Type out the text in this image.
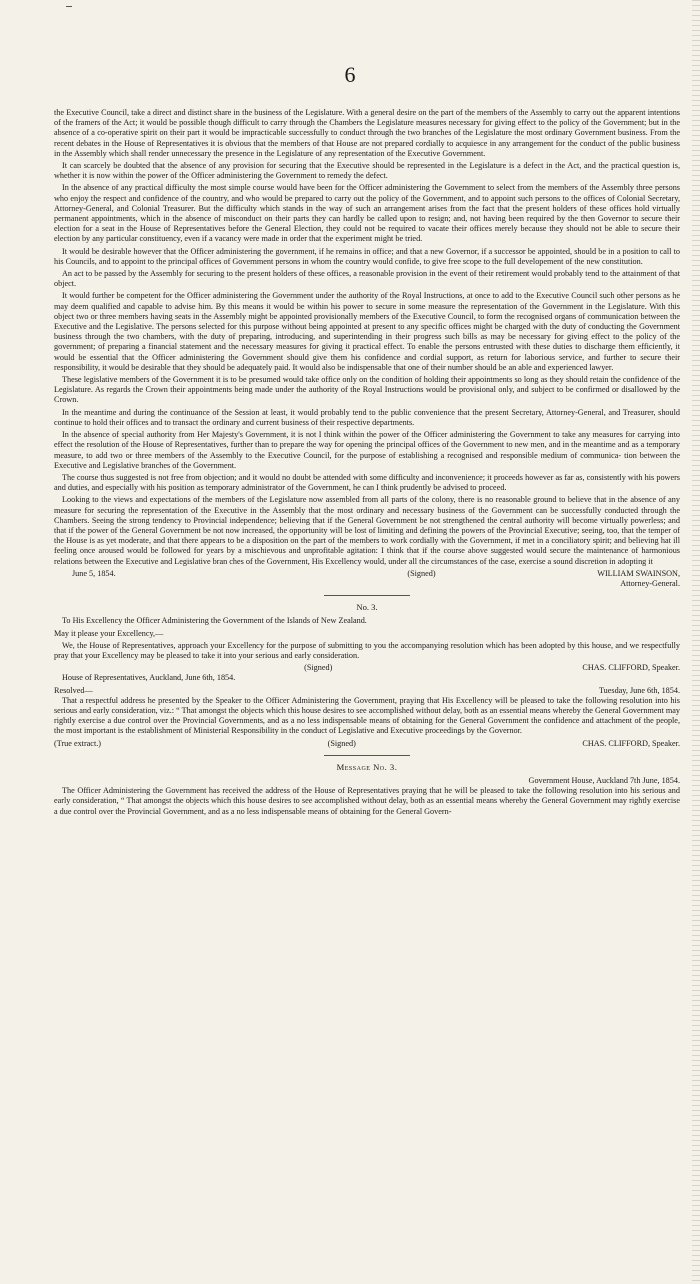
6

the Executive Council, take a direct and distinct share in the business of the Legislature. With a general desire on the part of the members of the Assembly to carry out the apparent intentions of the framers of the Act; it would be possible though difficult to carry through the Chambers the Legislature measures necessary for giving effect to the policy of the Government; but in the absence of a co-operative spirit on their part it would be impracticable successfully to conduct through the two branches of the Legislature the most ordinary Government business. From the recent debates in the House of Representatives it is obvious that the members of that House are not prepared cordially to acquiesce in any arrangement for the conduct of the public business in the Assembly which shall render unnecessary the presence in the Legislature of any representation of the Executive Government.

It can scarcely be doubted that the absence of any provision for securing that the Executive should be represented in the Legislature is a defect in the Act, and the practical question is, whether it is now within the power of the Officer administering the Government to remedy the defect.

In the absence of any practical difficulty the most simple course would have been for the Officer administering the Government to select from the members of the Assembly three persons who enjoy the respect and confidence of the country, and who would be prepared to carry out the policy of the Government, and to appoint such persons to the offices of Colonial Secretary, Attorney-General, and Colonial Treasurer. But the difficulty which stands in the way of such an arrangement arises from the fact that the present holders of these offices hold virtually permanent appointments, which in the absence of misconduct on their parts they can hardly be called upon to resign; and, not having been required by the then Governor to secure their election for a seat in the House of Representatives before the General Election, they could not be required to vacate their offices merely because they should not be able to secure their election by any particular constituency, even if a vacancy were made in order that the experiment might be tried.

It would be desirable however that the Officer administering the government, if he remains in office; and that a new Governor, if a successor be appointed, should be in a position to call to his Councils, and to appoint to the principal offices of Government persons in whom the country would confide, to give free scope to the full developement of the new constitution.

An act to be passed by the Assembly for securing to the present holders of these offices, a reasonable provision in the event of their retirement would probably tend to the attainment of that object.

It would further be competent for the Officer administering the Government under the authority of the Royal Instructions, at once to add to the Executive Council such other persons as he may deem qualified and capable to advise him. By this means it would be within his power to secure in some measure the representation of the Government in the Legislature. With this object two or three members having seats in the Assembly might be appointed provisionally members of the Executive Council, to form the recognised organs of communication between the Executive and the Legislative. The persons selected for this purpose without being appointed at present to any specific offices might be charged with the duty of conducting the Government business through the two chambers, with the duty of preparing, introducing, and superintending in their progress such bills as may be necessary for giving effect to the policy of the government; of preparing a financial statement and the necessary measures for giving it practical effect. To enable the persons entrusted with these duties to discharge them efficiently, it would be essential that the Officer administering the Government should give them his confidence and cordial support, as return for laborious service, and further to secure their responsibility, it would be desirable that they should be adequately paid. It would also be indispensable that one of their number should be an able and experienced lawyer.

These legislative members of the Government it is to be presumed would take office only on the condition of holding their appointments so long as they should retain the confidence of the Legislature. As regards the Crown their appointments being made under the authority of the Royal Instructions would be provisional only, and subject to be confirmed or disallowed by the Crown.

In the meantime and during the continuance of the Session at least, it would probably tend to the public convenience that the present Secretary, Attorney-General, and Treasurer, should continue to hold their offices and to transact the ordinary and current business of their respective departments.

In the absence of special authority from Her Majesty's Government, it is not I think within the power of the Officer administering the Government to take any measures for carrying into effect the resolution of the House of Representatives, further than to prepare the way for opening the principal offices of the Government to new men, and in the meantime and as a temporary measure, to add two or three members of the Assembly to the Executive Council, for the purpose of establishing a recognised and responsible medium of communica- tion between the Executive and Legislative branches of the Government.

The course thus suggested is not free from objection; and it would no doubt be attended with some difficulty and inconvenience; it proceeds however as far as, consistently with his powers and duties, and especially with his position as temporary administrator of the Government, he can I think prudently be advised to proceed.

Looking to the views and expectations of the members of the Legislature now assembled from all parts of the colony, there is no reasonable ground to believe that in the absence of any measure for securing the representation of the Executive in the Assembly that the most ordinary and necessary business of the Government can be successfully conducted through the Chambers. Seeing the strong tendency to Provincial independence; believing that if the General Government be not strengthened the central authority will become virtually powerless; and that if the power of the General Government be not now increased, the opportunity will be lost of limiting and defining the powers of the Provincial Executive; seeing, too, that the temper of the House is as yet moderate, and that there appears to be a disposition on the part of the members to work cordially with the Government, if met in a conciliatory spirit; and believing hat ill feeling once aroused would be followed for years by a mischievous and unprofitable agitation: I think that if the course above suggested would secure the maintenance of harmonious relations between the Executive and Legislative bran ches of the Government, His Excellency would, under all the circumstances of the case, exercise a sound discretion in adopting it

June 5, 1854.	(Signed)	WILLIAM SWAINSON,
Attorney-General.
No. 3.

To His Excellency the Officer Administering the Government of the Islands of New Zealand.

May it please your Excellency,—

We, the House of Representatives, approach your Excellency for the purpose of submitting to you the accompanying resolution which has been adopted by this house, and we respectfully pray that your Excellency may be pleased to take it into your serious and early consideration.

(Signed)	CHAS. CLIFFORD, Speaker.

House of Representatives, Auckland, June 6th, 1854.

Resolved—	Tuesday, June 6th, 1854.

That a respectful address he presented by the Speaker to the Officer Administering the Government, praying that His Excellency will be pleased to take the following resolution into his serious and early consideration, viz.: “ That amongst the objects which this house desires to see accomplished without delay, both as an essential means whereby the General Government may rightly exercise a due control over the Provincial Governments, and as a no less indispensable means of obtaining for the General Government the confidence and attachment of the people, the most important is the establishment of Ministerial Responsibility in the conduct of Legislative and Executive proceedings by the Governor.

(True extract.)	(Signed)	CHAS. CLIFFORD, Speaker.
Message No. 3.
Government House, Auckland 7th June, 1854.

The Officer Administering the Government has received the address of the House of Representatives praying that he will be pleased to take the following resolution into his serious and early consideration, “ That amongst the objects which this house desires to see accomplished without delay, both as an essential means whereby the General Government may rightly exercise a due control over the Provincial Government, and as a no less indispensable means of obtaining for the General Govern-
